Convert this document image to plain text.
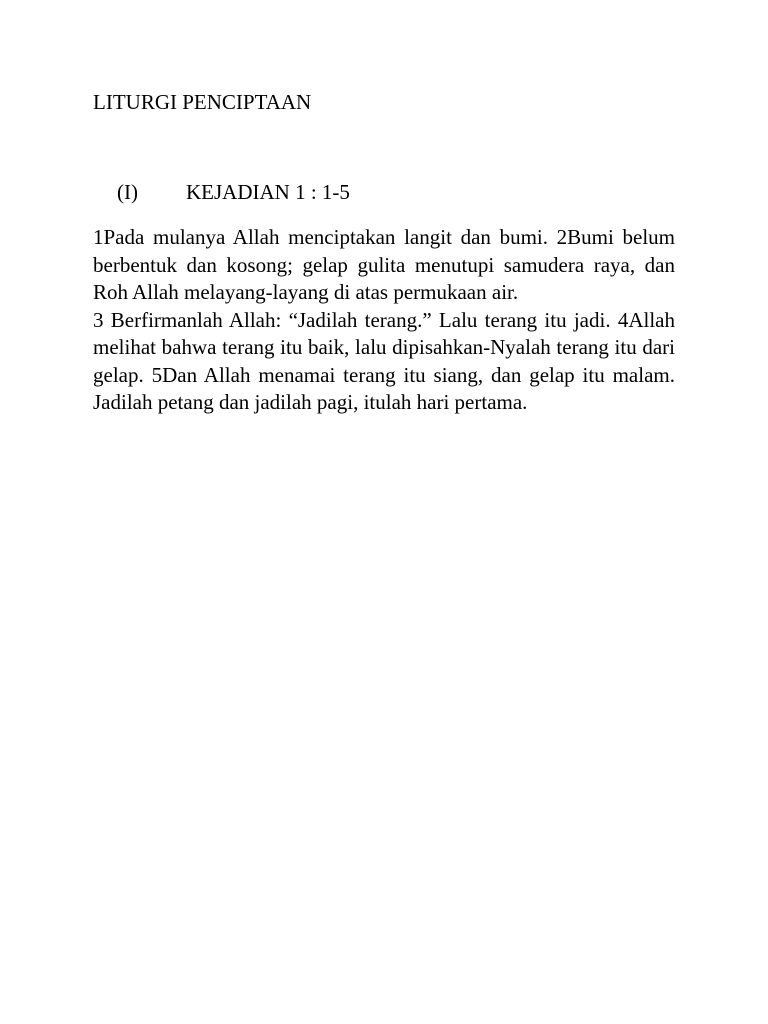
LITURGI PENCIPTAAN
(I) KEJADIAN 1 : 1-5

1Pada mulanya Allah menciptakan langit dan bumi. 2Bumi belum berbentuk dan kosong; gelap gulita menutupi samudera raya, dan Roh Allah melayang-layang di atas permukaan air.

3 Berfirmanlah Allah: “Jadilah terang.” Lalu terang itu jadi. 4Allah melihat bahwa terang itu baik, lalu dipisahkan-Nyalah terang itu dari gelap. 5Dan Allah menamai terang itu siang, dan gelap itu malam. Jadilah petang dan jadilah pagi, itulah hari pertama.
